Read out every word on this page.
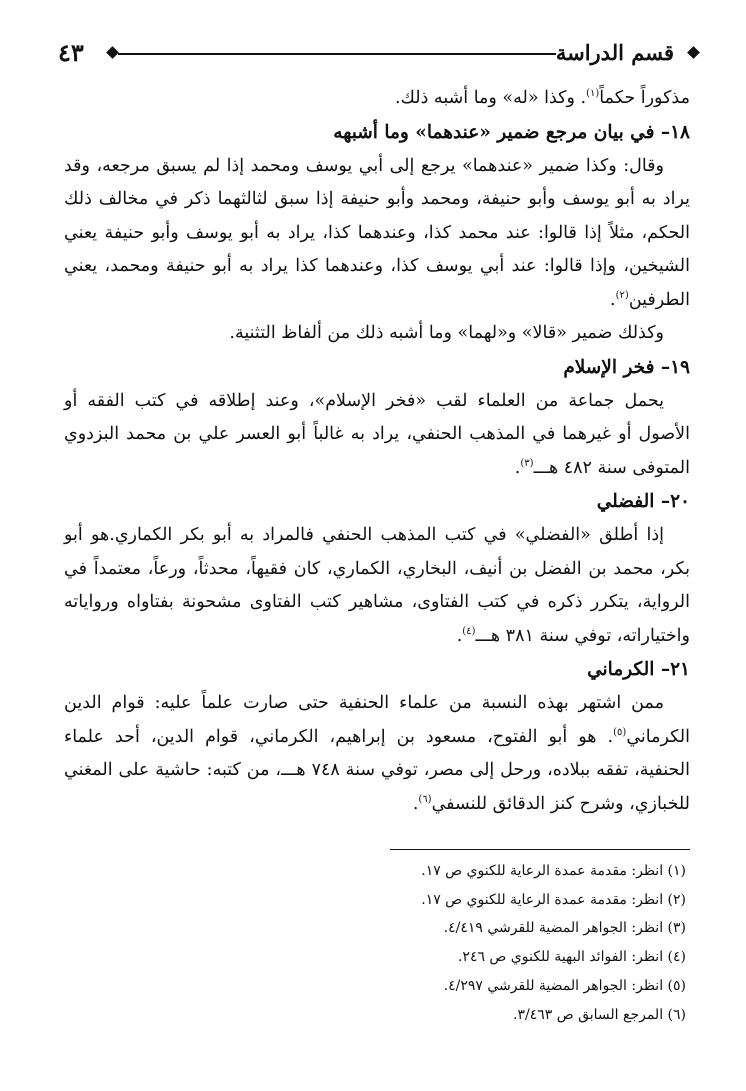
قسم الدراسة
٤٣

مذكوراً حكماً$^{(١)}$. وكذا «له» وما أشبه ذلك.

١٨– في بيان مرجع ضمير «عندهما» وما أشبهه

وقال: وكذا ضمير «عندهما» يرجع إلى أبي يوسف ومحمد إذا لم يسبق مرجعه، وقد يراد به أبو يوسف وأبو حنيفة، ومحمد وأبو حنيفة إذا سبق لثالثهما ذكر في مخالف ذلك الحكم، مثلاً إذا قالوا: عند محمد كذا، وعندهما كذا، يراد به أبو يوسف وأبو حنيفة يعني الشيخين، وإذا قالوا: عند أبي يوسف كذا، وعندهما كذا يراد به أبو حنيفة ومحمد، يعني الطرفين$^{(٢)}$.

وكذلك ضمير «قالا» و«لهما» وما أشبه ذلك من ألفاظ التثنية.

١٩– فخر الإسلام

يحمل جماعة من العلماء لقب «فخر الإسلام»، وعند إطلاقه في كتب الفقه أو الأصول أو غيرهما في المذهب الحنفي، يراد به غالباً أبو العسر علي بن محمد البزدوي المتوفى سنة ٤٨٢ هـــ$^{(٣)}$.

٢٠– الفضلي

إذا أطلق «الفضلي» في كتب المذهب الحنفي فالمراد به أبو بكر الكماري.هو أبو بكر، محمد بن الفضل بن أنيف، البخاري، الكماري، كان فقيهاً، محدثاً، ورعاً، معتمداً في الرواية، يتكرر ذكره في كتب الفتاوى، مشاهير كتب الفتاوى مشحونة بفتاواه ورواياته واختياراته، توفي سنة ٣٨١ هـــ$^{(٤)}$.

٢١– الكرماني

ممن اشتهر بهذه النسبة من علماء الحنفية حتى صارت علماً عليه: قوام الدين الكرماني$^{(٥)}$. هو أبو الفتوح، مسعود بن إبراهيم، الكرماني، قوام الدين، أحد علماء الحنفية، تفقه ببلاده، ورحل إلى مصر، توفي سنة ٧٤٨ هـــ، من كتبه: حاشية على المغني للخبازي، وشرح كنز الدقائق للنسفي$^{(٦)}$.

(١) انظر: مقدمة عمدة الرعاية للكنوي ص ١٧.
(٢) انظر: مقدمة عمدة الرعاية للكنوي ص ١٧.
(٣) انظر: الجواهر المضية للقرشي ٤/٤١٩.
(٤) انظر: الفوائد البهية للكنوي ص ٢٤٦.
(٥) انظر: الجواهر المضية للقرشي ٤/٢٩٧.
(٦) المرجع السابق ص ٣/٤٦٣.
